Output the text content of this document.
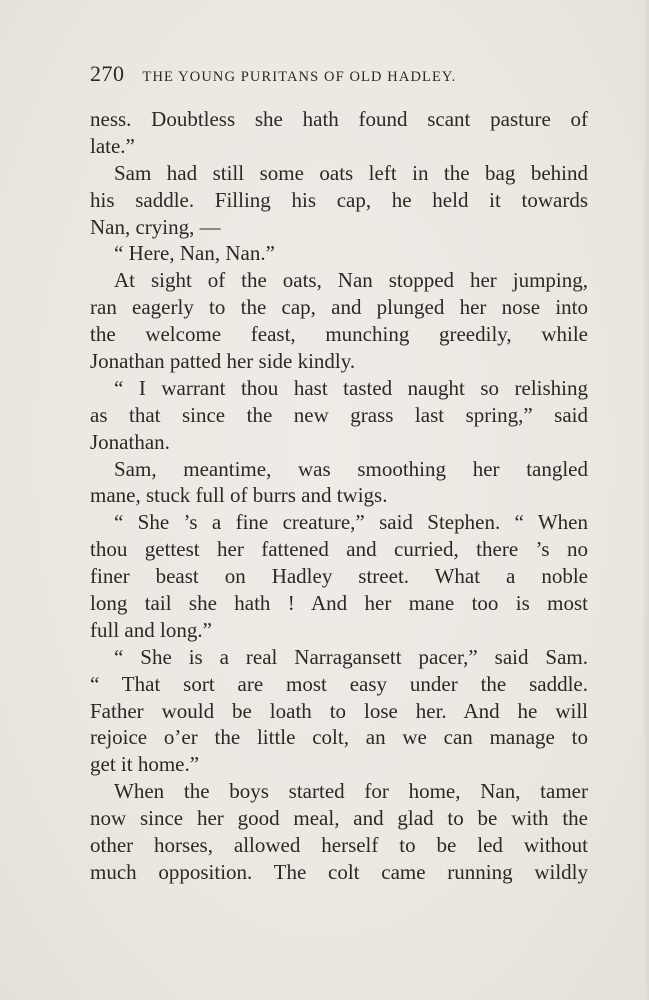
270 THE YOUNG PURITANS OF OLD HADLEY.
ness. Doubtless she hath found scant pasture of
late.”
Sam had still some oats left in the bag behind
his saddle. Filling his cap, he held it towards
Nan, crying, —
“ Here, Nan, Nan.”
At sight of the oats, Nan stopped her jumping,
ran eagerly to the cap, and plunged her nose into
the welcome feast, munching greedily, while
Jonathan patted her side kindly.
“ I warrant thou hast tasted naught so relishing
as that since the new grass last spring,” said
Jonathan.
Sam, meantime, was smoothing her tangled
mane, stuck full of burrs and twigs.
“ She ’s a fine creature,” said Stephen. “ When
thou gettest her fattened and curried, there ’s no
finer beast on Hadley street. What a noble
long tail she hath ! And her mane too is most
full and long.”
“ She is a real Narragansett pacer,” said Sam.
“ That sort are most easy under the saddle.
Father would be loath to lose her. And he will
rejoice o’er the little colt, an we can manage to
get it home.”
When the boys started for home, Nan, tamer
now since her good meal, and glad to be with the
other horses, allowed herself to be led without
much opposition. The colt came running wildly
